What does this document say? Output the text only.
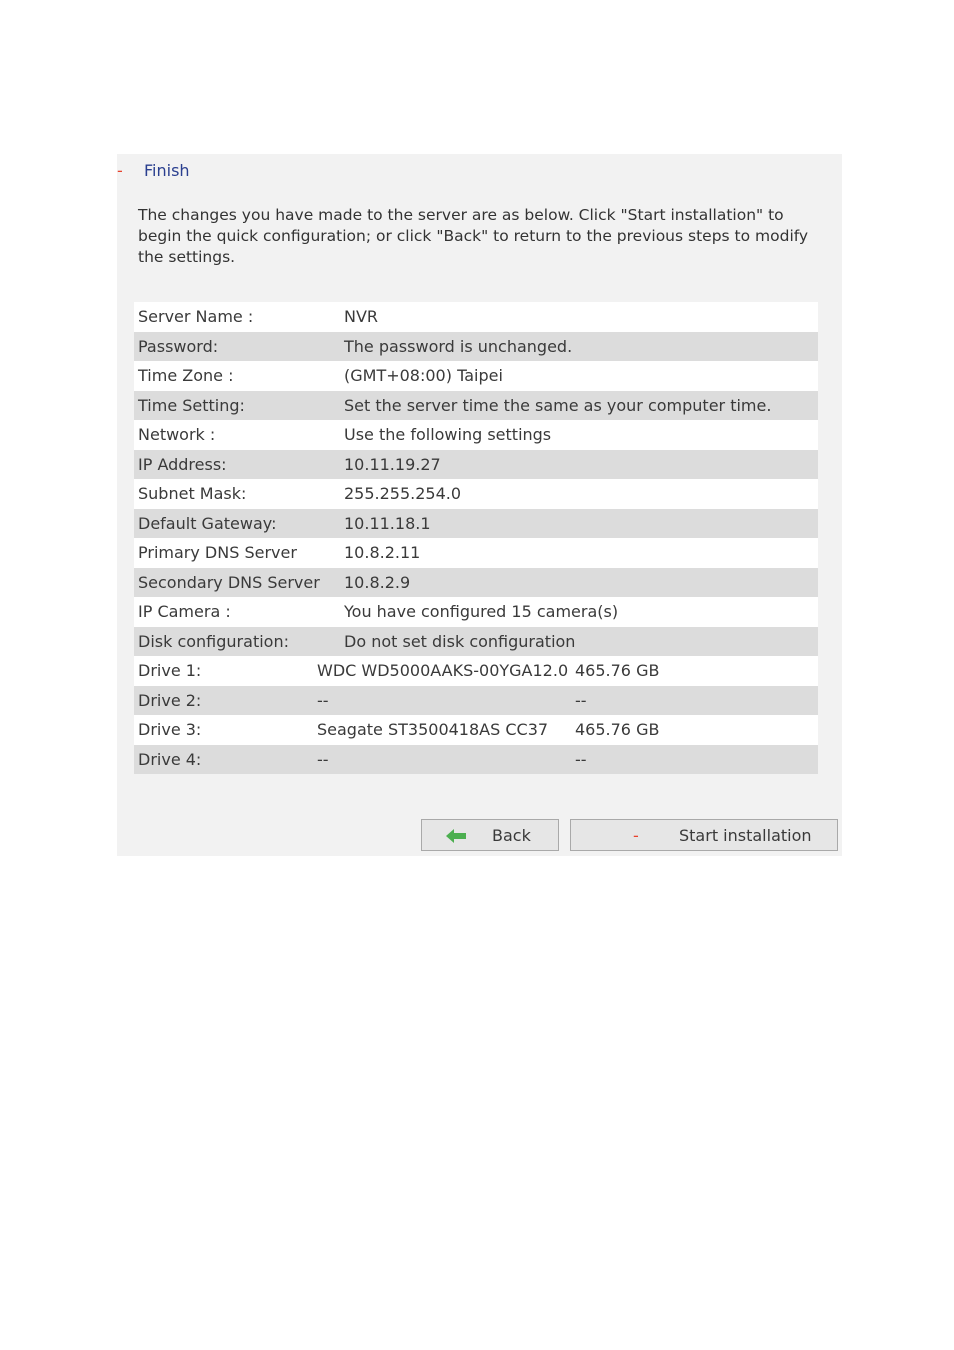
-	Finish

The changes you have made to the server are as below. Click "Start installation" to begin the quick configuration; or click "Back" to return to the previous steps to modify the settings.

Server Name :	NVR
Password:	The password is unchanged.
Time Zone :	(GMT+08:00) Taipei
Time Setting:	Set the server time the same as your computer time.
Network :	Use the following settings
IP Address:	10.11.19.27
Subnet Mask:	255.255.254.0
Default Gateway:	10.11.18.1
Primary DNS Server	10.8.2.11
Secondary DNS Server	10.8.2.9
IP Camera :	You have configured 15 camera(s)
Disk configuration:	Do not set disk configuration
Drive 1:	WDC WD5000AAKS-00YGA12.0 465.76 GB
Drive 2:	--	--
Drive 3:	Seagate ST3500418AS CC37	465.76 GB
Drive 4:	--	--
Back	-	Start installation
